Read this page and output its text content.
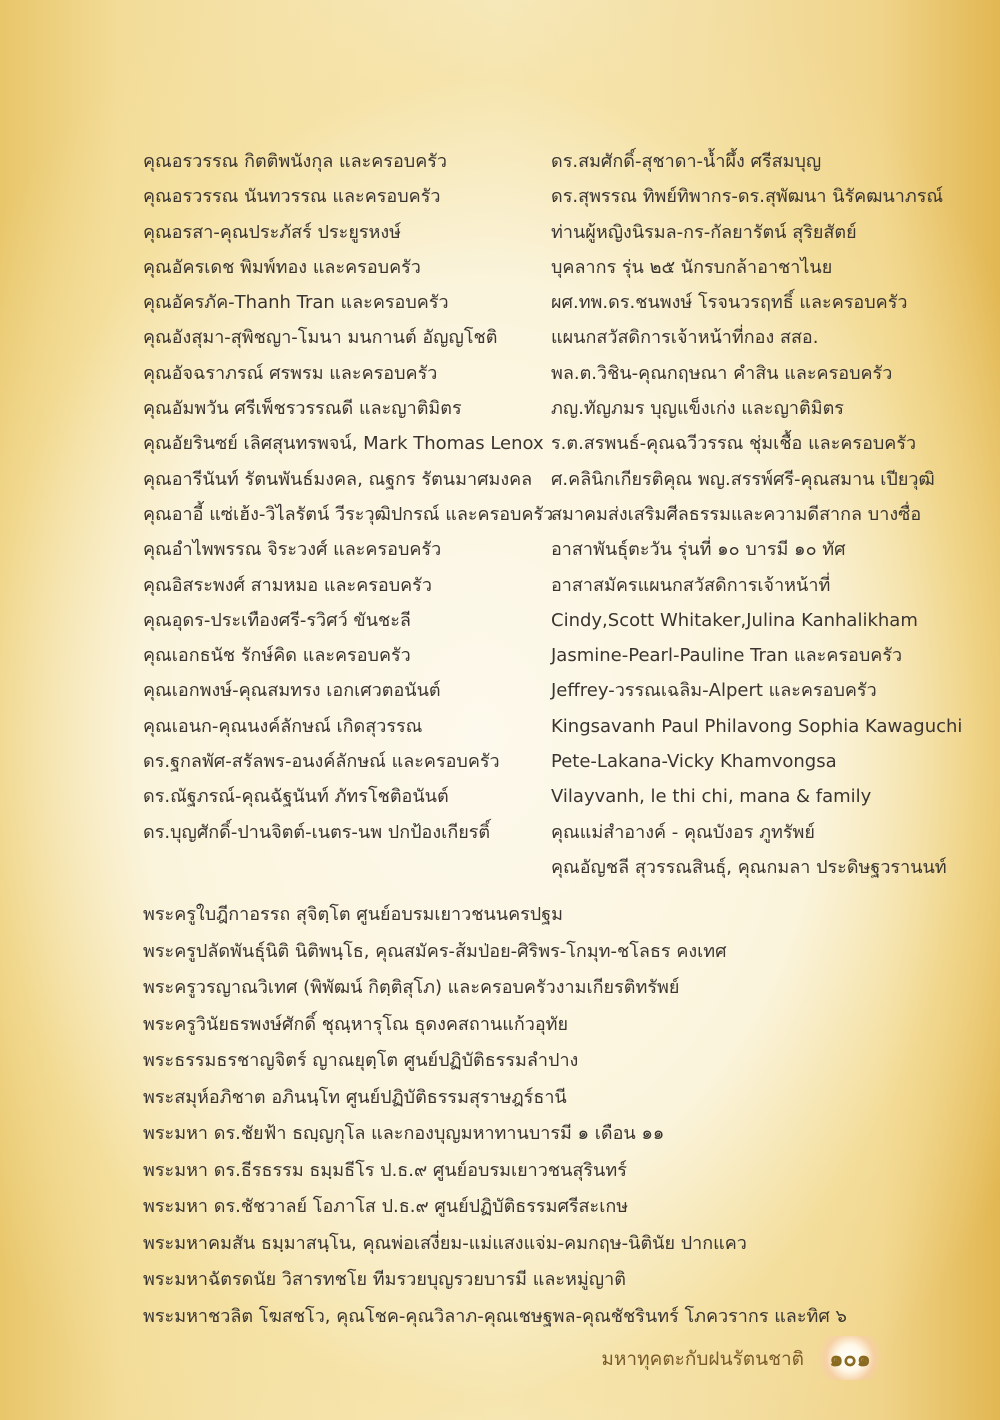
คุณอรวรรณ กิตติพนังกุล และครอบครัว
คุณอรวรรณ นันทวรรณ และครอบครัว
คุณอรสา-คุณประภัสร์ ประยูรหงษ์
คุณอัครเดช พิมพ์ทอง และครอบครัว
คุณอัครภัค-Thanh Tran และครอบครัว
คุณอังสุมา-สุพิชญา-โมนา มนกานต์ อัญญโชติ
คุณอัจฉราภรณ์ ศรพรม และครอบครัว
คุณอัมพวัน ศรีเพ็ชรวรรณดี และญาติมิตร
คุณอัยรินซย์ เลิศสุนทรพจน์, Mark Thomas Lenox
คุณอารีนันท์ รัตนพันธ์มงคล, ณฐกร รัตนมาศมงคล
คุณอาอี้ แซ่เฮ้ง-วิไลรัตน์ วีระวุฒิปกรณ์ และครอบครัว
คุณอำไพพรรณ จิระวงศ์ และครอบครัว
คุณอิสระพงศ์ สามหมอ และครอบครัว
คุณอุดร-ประเทืองศรี-รวิศว์ ขันชะลี
คุณเอกธนัช รักษ์คิด และครอบครัว
คุณเอกพงษ์-คุณสมทรง เอกเศวตอนันต์
คุณเอนก-คุณนงค์ลักษณ์ เกิดสุวรรณ
ดร.ฐกลพัศ-สรัลพร-อนงค์ลักษณ์ และครอบครัว
ดร.ณัฐภรณ์-คุณฉัฐนันท์ ภัทรโชติอนันต์
ดร.บุญศักดิ์-ปานจิตต์-เนตร-นพ ปกป้องเกียรติ์
ดร.สมศักดิ์-สุชาดา-น้ำผึ้ง ศรีสมบุญ
ดร.สุพรรณ ทิพย์ทิพากร-ดร.สุพัฒนา นิรัคฒนาภรณ์
ท่านผู้หญิงนิรมล-กร-กัลยารัตน์ สุริยสัตย์
บุคลากร รุ่น ๒๕ นักรบกล้าอาชาไนย
ผศ.ทพ.ดร.ชนพงษ์ โรจนวรฤทธิ์ และครอบครัว
แผนกสวัสดิการเจ้าหน้าที่กอง สสอ.
พล.ต.วิชิน-คุณกฤษณา คำสิน และครอบครัว
ภญ.ทัญภมร บุญแข็งเก่ง และญาติมิตร
ร.ต.สรพนธ์-คุณฉวีวรรณ ชุ่มเชื้อ และครอบครัว
ศ.คลินิกเกียรติคุณ พญ.สรรพ์ศรี-คุณสมาน เปียวุฒิ
สมาคมส่งเสริมศีลธรรมและความดีสากล บางซื่อ
อาสาพันธุ์ตะวัน รุ่นที่ ๑๐ บารมี ๑๐ ทัศ
อาสาสมัครแผนกสวัสดิการเจ้าหน้าที่
Cindy,Scott Whitaker,Julina Kanhalikham
Jasmine-Pearl-Pauline Tran และครอบครัว
Jeffrey-วรรณเฉลิม-Alpert และครอบครัว
Kingsavanh Paul Philavong Sophia Kawaguchi
Pete-Lakana-Vicky Khamvongsa
Vilayvanh, le thi chi, mana & family
คุณแม่สำอางค์ - คุณบังอร ภูทรัพย์
คุณอัญชลี สุวรรณสินธุ์, คุณกมลา ประดิษฐวรานนท์
พระครูใบฎีกาอรรถ สุจิตฺโต ศูนย์อบรมเยาวชนนครปฐม
พระครูปลัดพันธุ์นิติ นิติพนฺโธ, คุณสมัคร-ส้มป่อย-ศิริพร-โกมุท-ชโลธร คงเทศ
พระครูวรญาณวิเทศ (พิพัฒน์ กิตฺติสุโภ) และครอบครัวงามเกียรติทรัพย์
พระครูวินัยธรพงษ์ศักดิ์ ชุณฺหารุโณ ธุดงคสถานแก้วอุทัย
พระธรรมธรชาญจิตร์ ญาณยุตฺโต ศูนย์ปฏิบัติธรรมลำปาง
พระสมุห์อภิชาต อภินนฺโท ศูนย์ปฏิบัติธรรมสุราษฎร์ธานี
พระมหา ดร.ชัยฟ้า ธญฺญกุโล และกองบุญมหาทานบารมี ๑ เดือน ๑๑
พระมหา ดร.ธีรธรรม ธมฺมธีโร ป.ธ.๙ ศูนย์อบรมเยาวชนสุรินทร์
พระมหา ดร.ชัชวาลย์ โอภาโส ป.ธ.๙ ศูนย์ปฏิบัติธรรมศรีสะเกษ
พระมหาคมสัน ธมฺมาสนฺโน, คุณพ่อเสงี่ยม-แม่แสงแจ่ม-คมกฤษ-นิตินัย ปากแคว
พระมหาฉัตรดนัย วิสารทชโย ทีมรวยบุญรวยบารมี และหมู่ญาติ
พระมหาชวลิต โฆสชโว, คุณโชค-คุณวิลาภ-คุณเชษฐพล-คุณชัชรินทร์ โภควรากร และทิศ ๖
มหาทุคตะกับฝนรัตนชาติ	๑๐๑
